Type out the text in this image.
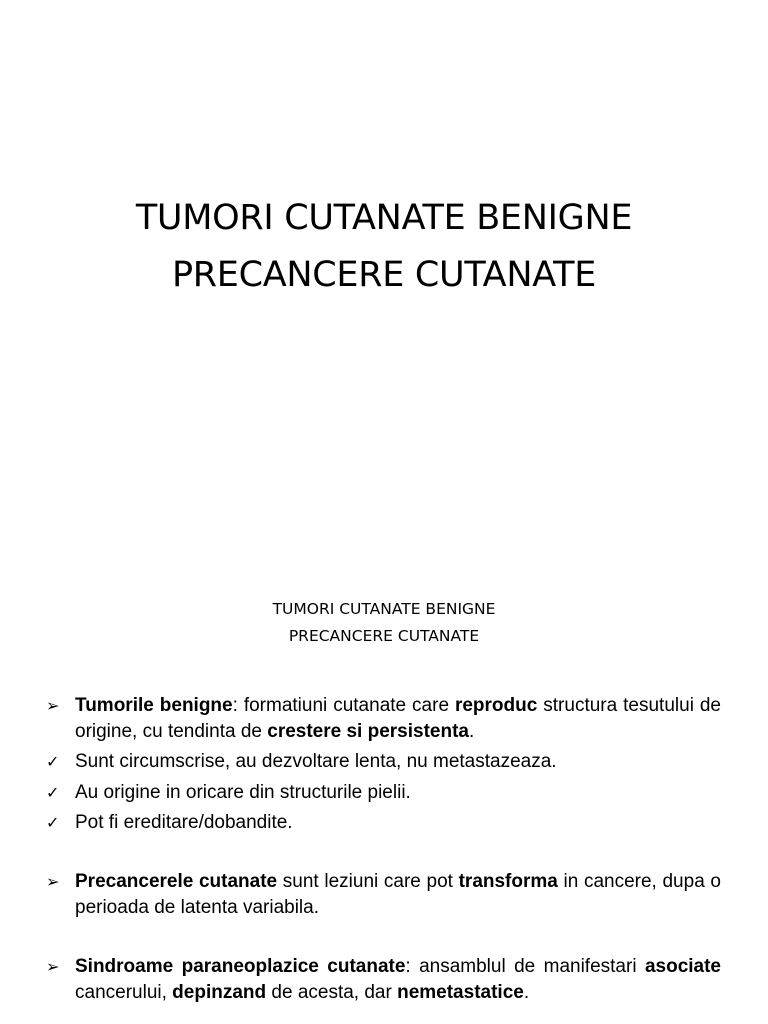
TUMORI CUTANATE BENIGNE
PRECANCERE CUTANATE
TUMORI CUTANATE BENIGNE
PRECANCERE CUTANATE
➢ Tumorile benigne: formatiuni cutanate care reproduc structura tesutului de origine, cu tendinta de crestere si persistenta.
✓ Sunt circumscrise, au dezvoltare lenta, nu metastazeaza.
✓ Au origine in oricare din structurile pielii.
✓ Pot fi ereditare/dobandite.
➢ Precancerele cutanate sunt leziuni care pot transforma in cancere, dupa o perioada de latenta variabila.
➢ Sindroame paraneoplazice cutanate: ansamblul de manifestari asociate cancerului, depinzand de acesta, dar nemetastatice.
